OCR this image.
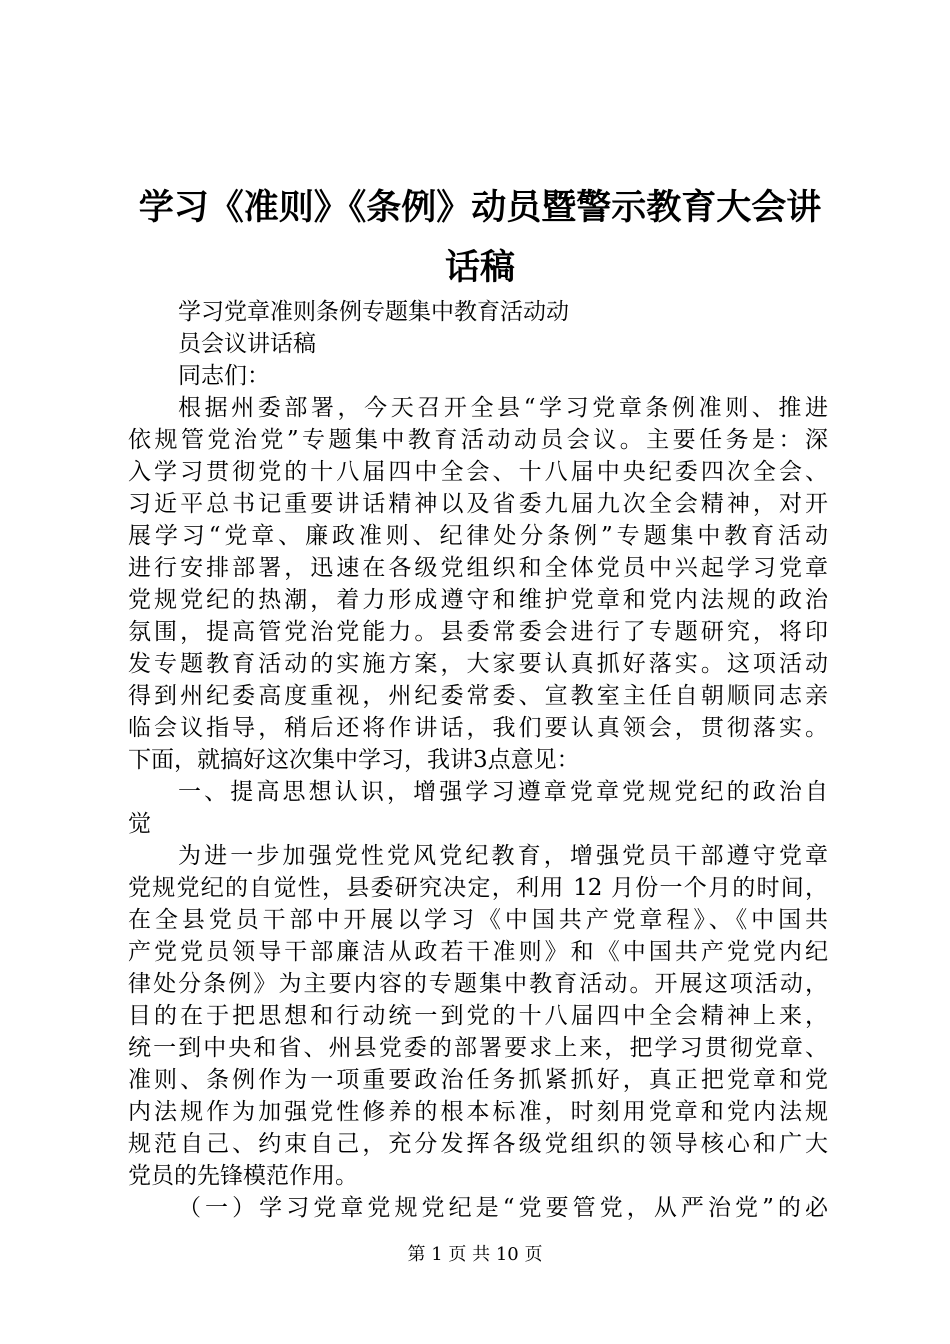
学习《准则》《条例》动员暨警示教育大会讲
话稿
学习党章准则条例专题集中教育活动动
员会议讲话稿
同志们：
根据州委部署，今天召开全县“学习党章条例准则、推进
依规管党治党”专题集中教育活动动员会议。主要任务是：深
入学习贯彻党的十八届四中全会、十八届中央纪委四次全会、
习近平总书记重要讲话精神以及省委九届九次全会精神，对开
展学习“党章、廉政准则、纪律处分条例”专题集中教育活动
进行安排部署，迅速在各级党组织和全体党员中兴起学习党章
党规党纪的热潮，着力形成遵守和维护党章和党内法规的政治
氛围，提高管党治党能力。县委常委会进行了专题研究，将印
发专题教育活动的实施方案，大家要认真抓好落实。这项活动
得到州纪委高度重视，州纪委常委、宣教室主任自朝顺同志亲
临会议指导，稍后还将作讲话，我们要认真领会，贯彻落实。
下面，就搞好这次集中学习，我讲3点意见：
一、提高思想认识，增强学习遵章党章党规党纪的政治自
觉
为进一步加强党性党风党纪教育，增强党员干部遵守党章
党规党纪的自觉性，县委研究决定，利用 12 月份一个月的时间，
在全县党员干部中开展以学习《中国共产党章程》、《中国共
产党党员领导干部廉洁从政若干准则》和《中国共产党党内纪
律处分条例》为主要内容的专题集中教育活动。开展这项活动，
目的在于把思想和行动统一到党的十八届四中全会精神上来，
统一到中央和省、州县党委的部署要求上来，把学习贯彻党章、
准则、条例作为一项重要政治任务抓紧抓好，真正把党章和党
内法规作为加强党性修养的根本标准，时刻用党章和党内法规
规范自己、约束自己，充分发挥各级党组织的领导核心和广大
党员的先锋模范作用。
（一）学习党章党规党纪是“党要管党，从严治党”的必
第 1 页 共 10 页
